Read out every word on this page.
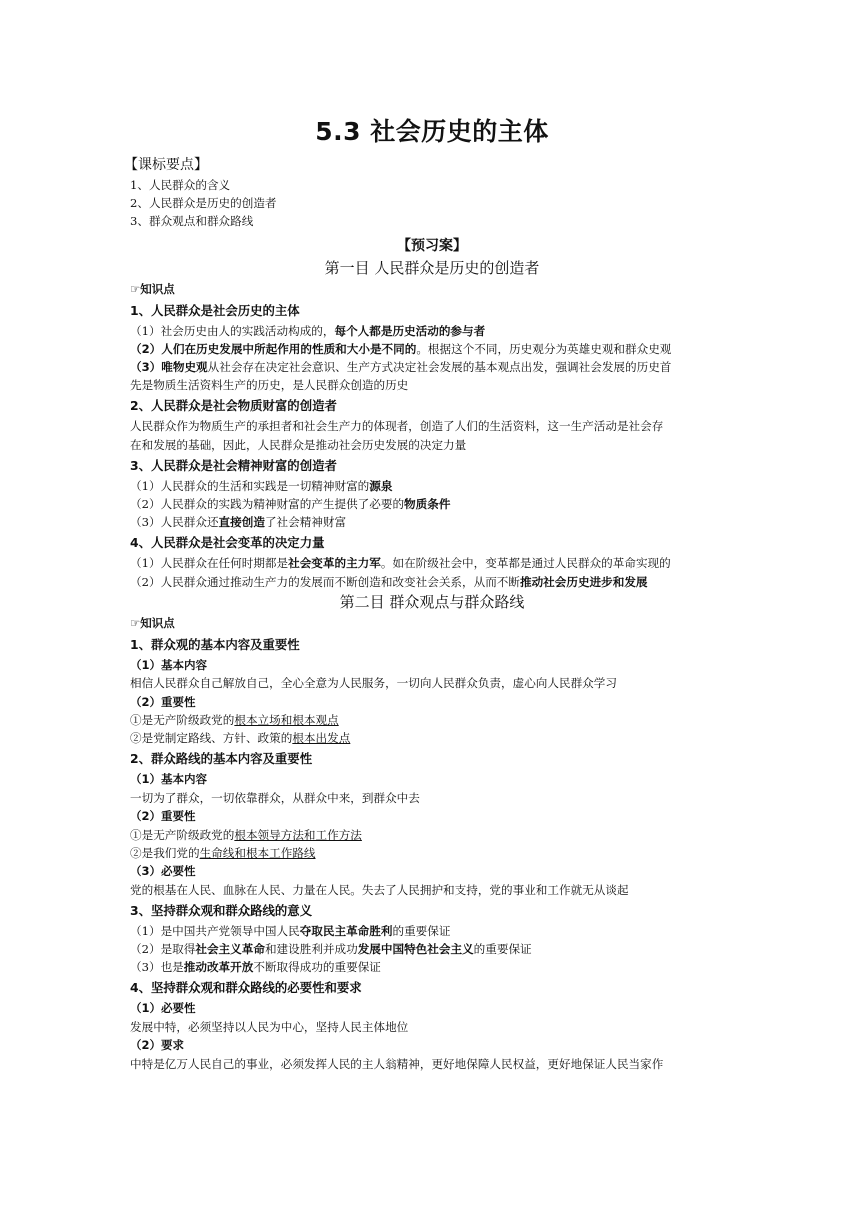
5.3 社会历史的主体
【课标要点】
1、人民群众的含义
2、人民群众是历史的创造者
3、群众观点和群众路线
【预习案】
第一目 人民群众是历史的创造者
☞知识点
1、人民群众是社会历史的主体
（1）社会历史由人的实践活动构成的，每个人都是历史活动的参与者
（2）人们在历史发展中所起作用的性质和大小是不同的。根据这个不同，历史观分为英雄史观和群众史观
（3）唯物史观从社会存在决定社会意识、生产方式决定社会发展的基本观点出发，强调社会发展的历史首
先是物质生活资料生产的历史，是人民群众创造的历史
2、人民群众是社会物质财富的创造者
人民群众作为物质生产的承担者和社会生产力的体现者，创造了人们的生活资料，这一生产活动是社会存
在和发展的基础，因此，人民群众是推动社会历史发展的决定力量
3、人民群众是社会精神财富的创造者
（1）人民群众的生活和实践是一切精神财富的源泉
（2）人民群众的实践为精神财富的产生提供了必要的物质条件
（3）人民群众还直接创造了社会精神财富
4、人民群众是社会变革的决定力量
（1）人民群众在任何时期都是社会变革的主力军。如在阶级社会中，变革都是通过人民群众的革命实现的
（2）人民群众通过推动生产力的发展而不断创造和改变社会关系，从而不断推动社会历史进步和发展
第二目 群众观点与群众路线
☞知识点
1、群众观的基本内容及重要性
（1）基本内容
相信人民群众自己解放自己，全心全意为人民服务，一切向人民群众负责，虚心向人民群众学习
（2）重要性
①是无产阶级政党的根本立场和根本观点
②是党制定路线、方针、政策的根本出发点
2、群众路线的基本内容及重要性
（1）基本内容
一切为了群众，一切依靠群众，从群众中来，到群众中去
（2）重要性
①是无产阶级政党的根本领导方法和工作方法
②是我们党的生命线和根本工作路线
（3）必要性
党的根基在人民、血脉在人民、力量在人民。失去了人民拥护和支持，党的事业和工作就无从谈起
3、坚持群众观和群众路线的意义
（1）是中国共产党领导中国人民夺取民主革命胜利的重要保证
（2）是取得社会主义革命和建设胜利并成功发展中国特色社会主义的重要保证
（3）也是推动改革开放不断取得成功的重要保证
4、坚持群众观和群众路线的必要性和要求
（1）必要性
发展中特，必须坚持以人民为中心，坚持人民主体地位
（2）要求
中特是亿万人民自己的事业，必须发挥人民的主人翁精神，更好地保障人民权益，更好地保证人民当家作
